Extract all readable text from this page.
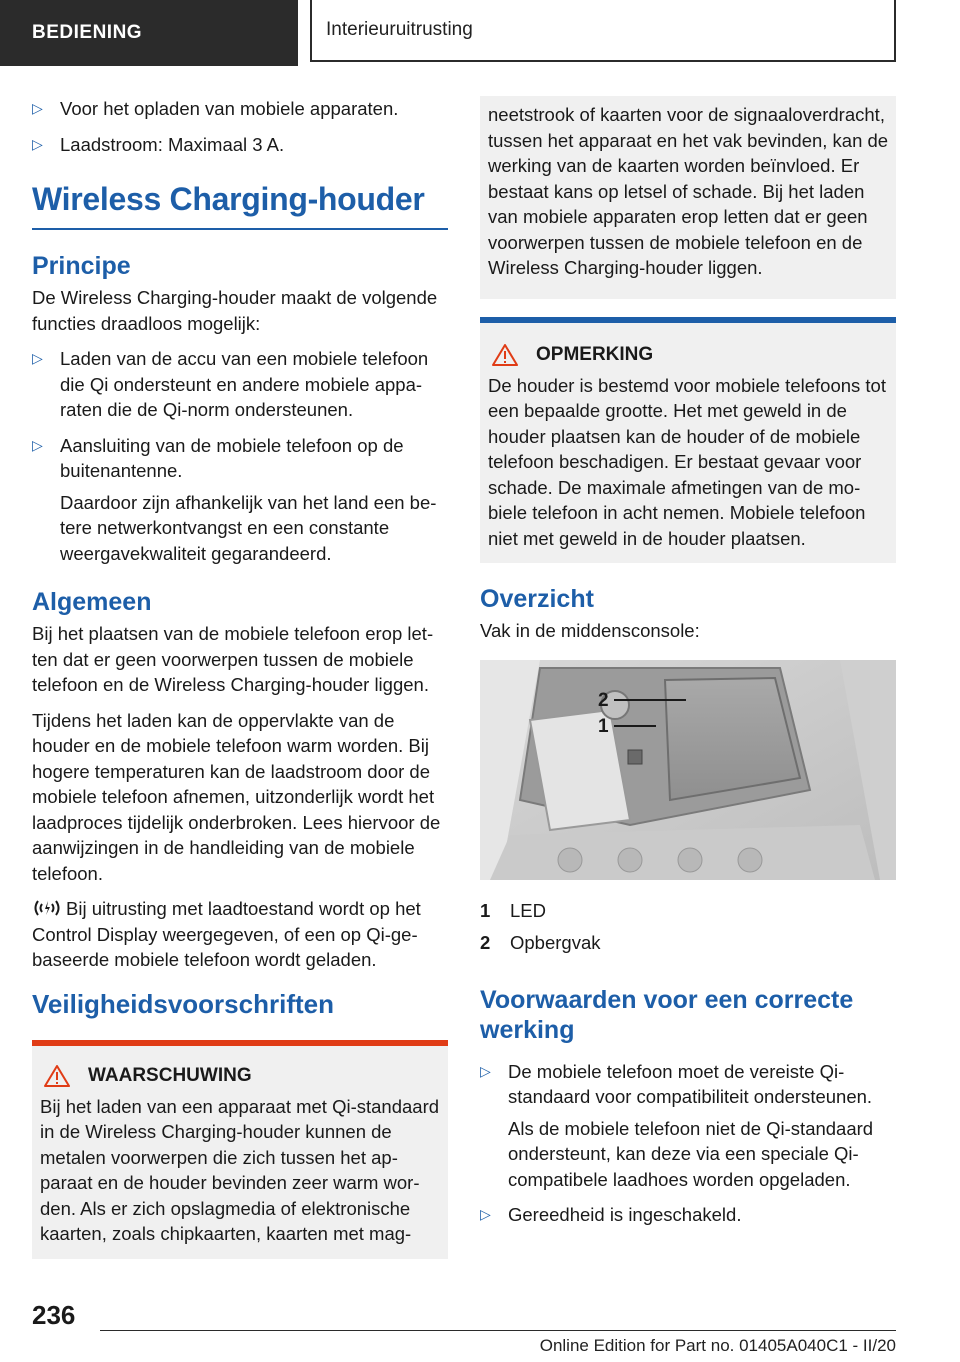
BEDIENING	Interieuruitrusting
▷ Voor het opladen van mobiele apparaten.
▷ Laadstroom: Maximaal 3 A.
Wireless Charging-houder
Principe

De Wireless Charging-houder maakt de volgende functies draadloos mogelijk:

▷ Laden van de accu van een mobiele telefoon die Qi ondersteunt en andere mobiele apparaten die de Qi-norm ondersteunen.
▷ Aansluiting van de mobiele telefoon op de buitenantenne.
Daardoor zijn afhankelijk van het land een betere netwerkontvangst en een constante weergavekwaliteit gegarandeerd.
Algemeen

Bij het plaatsen van de mobiele telefoon erop letten dat er geen voorwerpen tussen de mobiele telefoon en de Wireless Charging-houder liggen.

Tijdens het laden kan de oppervlakte van de houder en de mobiele telefoon warm worden. Bij hogere temperaturen kan de laadstroom door de mobiele telefoon afnemen, uitzonderlijk wordt het laadproces tijdelijk onderbroken. Lees hiervoor de aanwijzingen in de handleiding van de mobiele telefoon.

Bij uitrusting met laadtoestand wordt op het Control Display weergegeven, of een op Qi-gebaseerde mobiele telefoon wordt geladen.

Veiligheidsvoorschriften
WAARSCHUWING

Bij het laden van een apparaat met Qi-standaard in de Wireless Charging-houder kunnen de metalen voorwerpen die zich tussen het apparaat en de houder bevinden zeer warm worden. Als er zich opslagmedia of elektronische kaarten, zoals chipkaarten, kaarten met mag-

neetstrook of kaarten voor de signaaloverdracht, tussen het apparaat en het vak bevinden, kan de werking van de kaarten worden beïnvloed. Er bestaat kans op letsel of schade. Bij het laden van mobiele apparaten erop letten dat er geen voorwerpen tussen de mobiele telefoon en de Wireless Charging-houder liggen.

OPMERKING

De houder is bestemd voor mobiele telefoons tot een bepaalde grootte. Het met geweld in de houder plaatsen kan de houder of de mobiele telefoon beschadigen. Er bestaat gevaar voor schade. De maximale afmetingen van de mobiele telefoon in acht nemen. Mobiele telefoon niet met geweld in de houder plaatsen.

Overzicht

Vak in de middensconsole:

2
1
1	LED
2	Opbergvak
Voorwaarden voor een correcte werking
▷ De mobiele telefoon moet de vereiste Qi-standaard voor compatibiliteit ondersteunen.
Als de mobiele telefoon niet de Qi-standaard ondersteunt, kan deze via een speciale Qi-compatibele laadhoes worden opgeladen.
▷ Gereedheid is ingeschakeld.
236
Online Edition for Part no. 01405A040C1 - II/20
